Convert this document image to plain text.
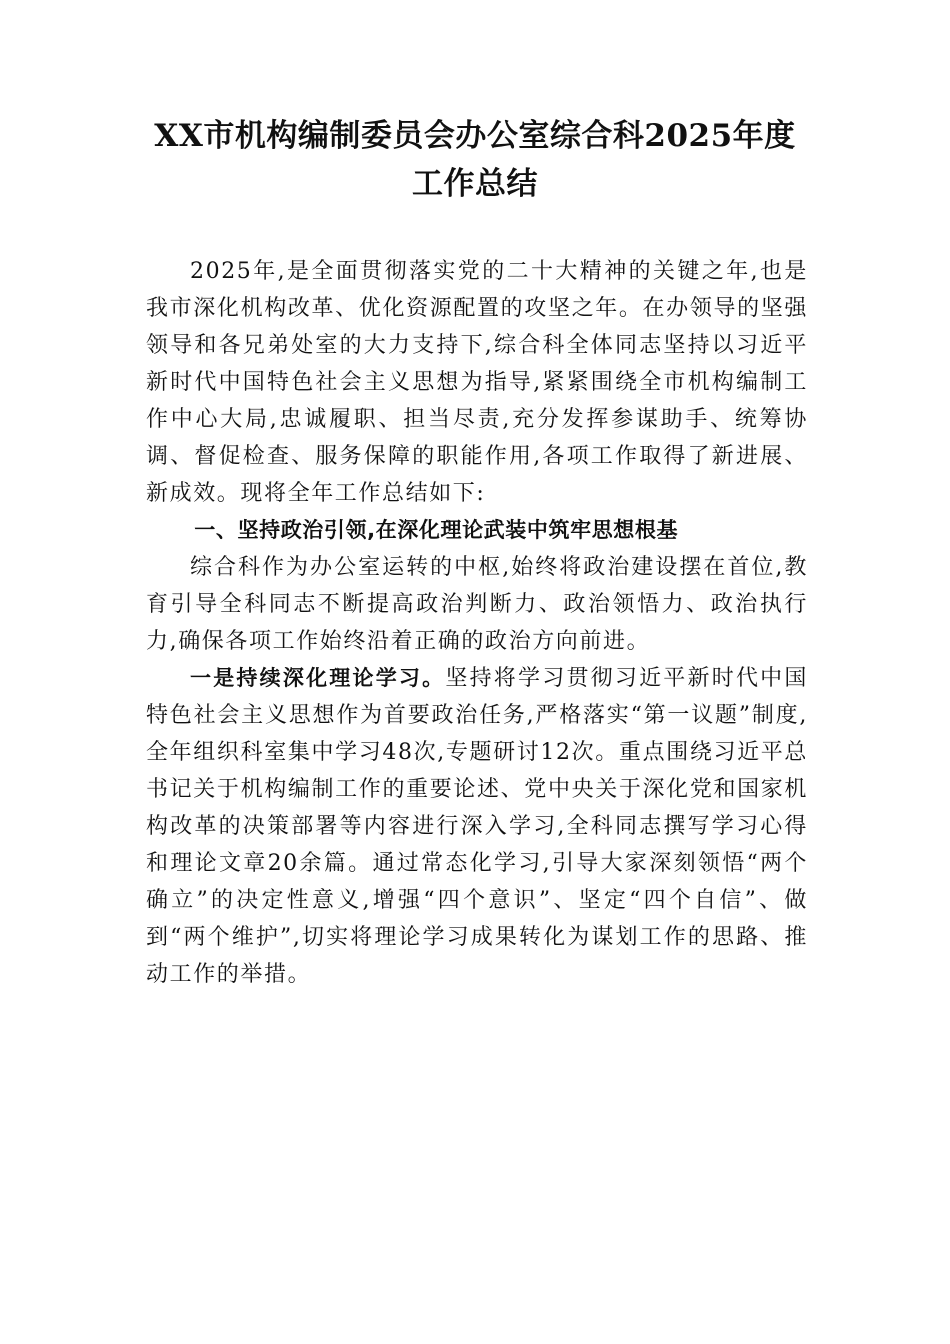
XX市机构编制委员会办公室综合科2025年度工作总结

2025年,是全面贯彻落实党的二十大精神的关键之年,也是我市深化机构改革、优化资源配置的攻坚之年。在办领导的坚强领导和各兄弟处室的大力支持下,综合科全体同志坚持以习近平新时代中国特色社会主义思想为指导,紧紧围绕全市机构编制工作中心大局,忠诚履职、担当尽责,充分发挥参谋助手、统筹协调、督促检查、服务保障的职能作用,各项工作取得了新进展、新成效。现将全年工作总结如下:

一、坚持政治引领,在深化理论武装中筑牢思想根基

综合科作为办公室运转的中枢,始终将政治建设摆在首位,教育引导全科同志不断提高政治判断力、政治领悟力、政治执行力,确保各项工作始终沿着正确的政治方向前进。

一是持续深化理论学习。坚持将学习贯彻习近平新时代中国特色社会主义思想作为首要政治任务,严格落实“第一议题”制度,全年组织科室集中学习48次,专题研讨12次。重点围绕习近平总书记关于机构编制工作的重要论述、党中央关于深化党和国家机构改革的决策部署等内容进行深入学习,全科同志撰写学习心得和理论文章20余篇。通过常态化学习,引导大家深刻领悟“两个确立”的决定性意义,增强“四个意识”、坚定“四个自信”、做到“两个维护”,切实将理论学习成果转化为谋划工作的思路、推动工作的举措。
